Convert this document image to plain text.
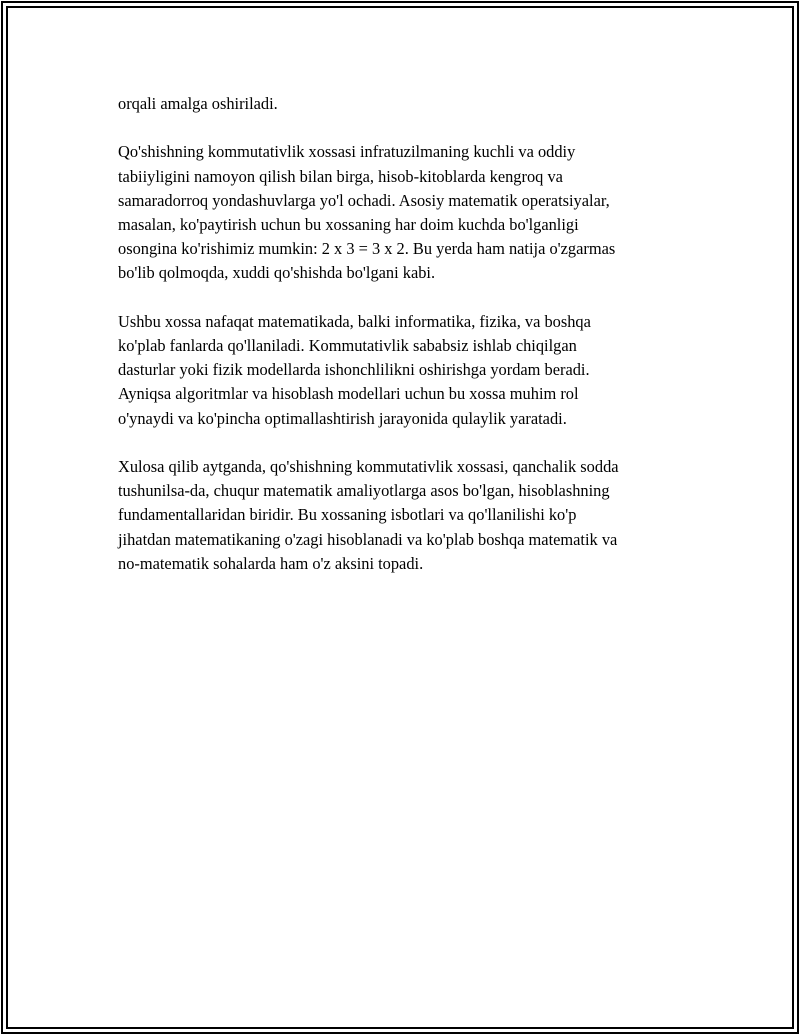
orqali amalga oshiriladi.

Qo'shishning kommutativlik xossasi infratuzilmaning kuchli va oddiy
tabiiyligini namoyon qilish bilan birga, hisob-kitoblarda kengroq va
samaradorroq yondashuvlarga yo'l ochadi. Asosiy matematik operatsiyalar,
masalan, ko'paytirish uchun bu xossaning har doim kuchda bo'lganligi
osongina ko'rishimiz mumkin: 2 x 3 = 3 x 2. Bu yerda ham natija o'zgarmas
bo'lib qolmoqda, xuddi qo'shishda bo'lgani kabi.

Ushbu xossa nafaqat matematikada, balki informatika, fizika, va boshqa
ko'plab fanlarda qo'llaniladi. Kommutativlik sababsiz ishlab chiqilgan
dasturlar yoki fizik modellarda ishonchlilikni oshirishga yordam beradi.
Ayniqsa algoritmlar va hisoblash modellari uchun bu xossa muhim rol
o'ynaydi va ko'pincha optimallashtirish jarayonida qulaylik yaratadi.

Xulosa qilib aytganda, qo'shishning kommutativlik xossasi, qanchalik sodda
tushunilsa-da, chuqur matematik amaliyotlarga asos bo'lgan, hisoblashning
fundamentallaridan biridir. Bu xossaning isbotlari va qo'llanilishi ko'p
jihatdan matematikaning o'zagi hisoblanadi va ko'plab boshqa matematik va
no-matematik sohalarda ham o'z aksini topadi.
